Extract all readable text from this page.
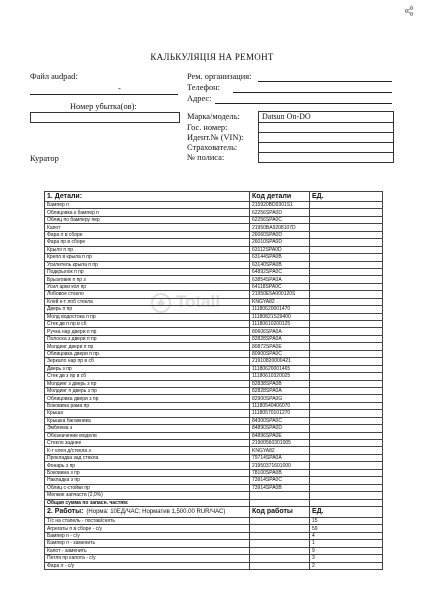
КАЛЬКУЛЯЦІЯ НА РЕМОНТ
Файл audpad:
-
Номер убытка(ов):
Куратор
Рем. организация:
Телефон:
Адрес:
Марка/модель:	Datsun On-DO
Гос. номер:
Идент.№ (VIN):
Страхователь:
№ полиса:
1. Детали:	Код детали	ЕД.
Бампер п	215920BD0301S1	
Облицовка к бампер п	62256SPA0D	
Облиц по бамперу пер	62256SPA0C	
Капот	21950BA9208107D	
Фара л в сборе	26060SPA0D	
Фара пр в сборе	26010SPA0D	
Крыло п пр	63112SPA0D	
Крепл в крыла п пр	63144SPA0B	
Усилитель крыла п пр	63140SPA0B	
Подкрылок п пр	64892SPA0C	
Брызговик п пр з	63854SPA0A	
Усил арки кол пр	64118SPA0C	
Лобовое стекло	21950E5A000120S	
Клей к-т лоб стекла	KNGYA82	
Дверь п пр	11180620001470	
Молд водостока п пр	11180821S29400	
Стек дв п пр в сб	11180610200125	
Ручка нар двери п пр	80606SPA0A	
Полоска з двери п пр	82828SPA0A	
Молдинг двери п пр	80872SPA0E	
Облицовка двери п пр	80900SPA0C	
Зеркало нар пр в сб	21910820000421	
Дверь з пр	11180620001465	
Стек дв з пр в сб	11180610320025	
Молдинг з дверь з пр	82838SPA0B	
Молдинг п дверь з пр	82828SPA0A	
Облицовка двери з пр	82900SPA0G	
Боковина рама пр	11180540406070	
Крыша	11180570101270	
Крышка багажника	84300SPA0C	
Эмблема з	84890SPA0D	
Обозначение модели	84896SPA0E	
Стекло заднее	21900560301005	
К-т клея д/стекла з	KNGYA82	
Прокладка зад стекла	79714SPA0A	
Фонарь з пр	21950371601000	
Боковина з пр	78100SPA0B	
Накладка з пр	73914SPA0C	
Облиц с-стойки пр	73914SPA0B	
Мелкие запчасти (2,0%)		
Общая сумма по запасн. частям:		
2. Работы: (Норма: 10ЕД/ЧАС; Норматив 1,500.00 RUR/ЧАС)	Код работы	ЕД.
Т/с на стапель - постав/снять		15
Агрегаты п в сборе - с/у		59
Бампер п - с/у		4
Бампер п - заменить		1
Капот - заменить		9
Петля пр капота - с/у		3
Фара л - с/у		2
Totall
